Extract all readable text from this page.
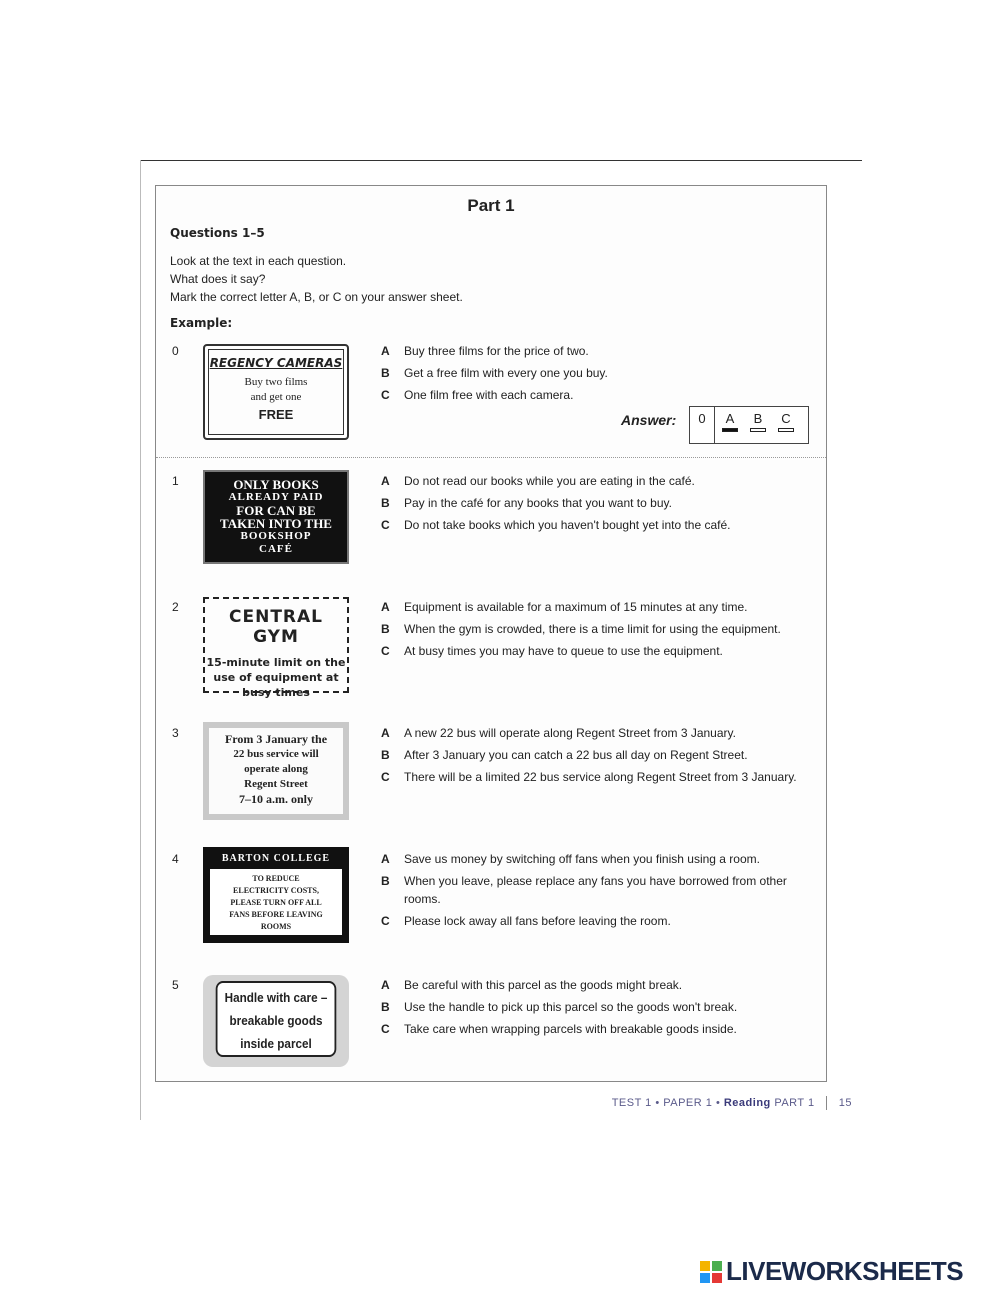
Part 1
Questions 1–5
Look at the text in each question.
What does it say?
Mark the correct letter A, B, or C on your answer sheet.
Example:
0
REGENCY CAMERAS
Buy two films
and get one
FREE
A Buy three films for the price of two.
B Get a free film with every one you buy.
C One film free with each camera.
Answer:	0	A	B	C
1	ONLY BOOKS
ALREADY PAID
FOR CAN BE
TAKEN INTO THE
BOOKSHOP
CAFÉ
A Do not read our books while you are eating in the café.
B Pay in the café for any books that you want to buy.
C Do not take books which you haven't bought yet into the café.
2	CENTRAL GYM
15-minute limit on the
use of equipment at
busy times
A Equipment is available for a maximum of 15 minutes at any time.
B When the gym is crowded, there is a time limit for using the equipment.
C At busy times you may have to queue to use the equipment.
3	From 3 January the
22 bus service will
operate along
Regent Street
7–10 a.m. only
A A new 22 bus will operate along Regent Street from 3 January.
B After 3 January you can catch a 22 bus all day on Regent Street.
C There will be a limited 22 bus service along Regent Street from 3 January.
4	BARTON COLLEGE
TO REDUCE
ELECTRICITY COSTS,
PLEASE TURN OFF ALL
FANS BEFORE LEAVING
ROOMS
A Save us money by switching off fans when you finish using a room.
B When you leave, please replace any fans you have borrowed from other rooms.
C Please lock away all fans before leaving the room.
5
Handle with care –
breakable goods
inside parcel
A Be careful with this parcel as the goods might break.
B Use the handle to pick up this parcel so the goods won't break.
C Take care when wrapping parcels with breakable goods inside.
TEST 1 • PAPER 1 • Reading PART 1 15
LIVEWORKSHEETS
